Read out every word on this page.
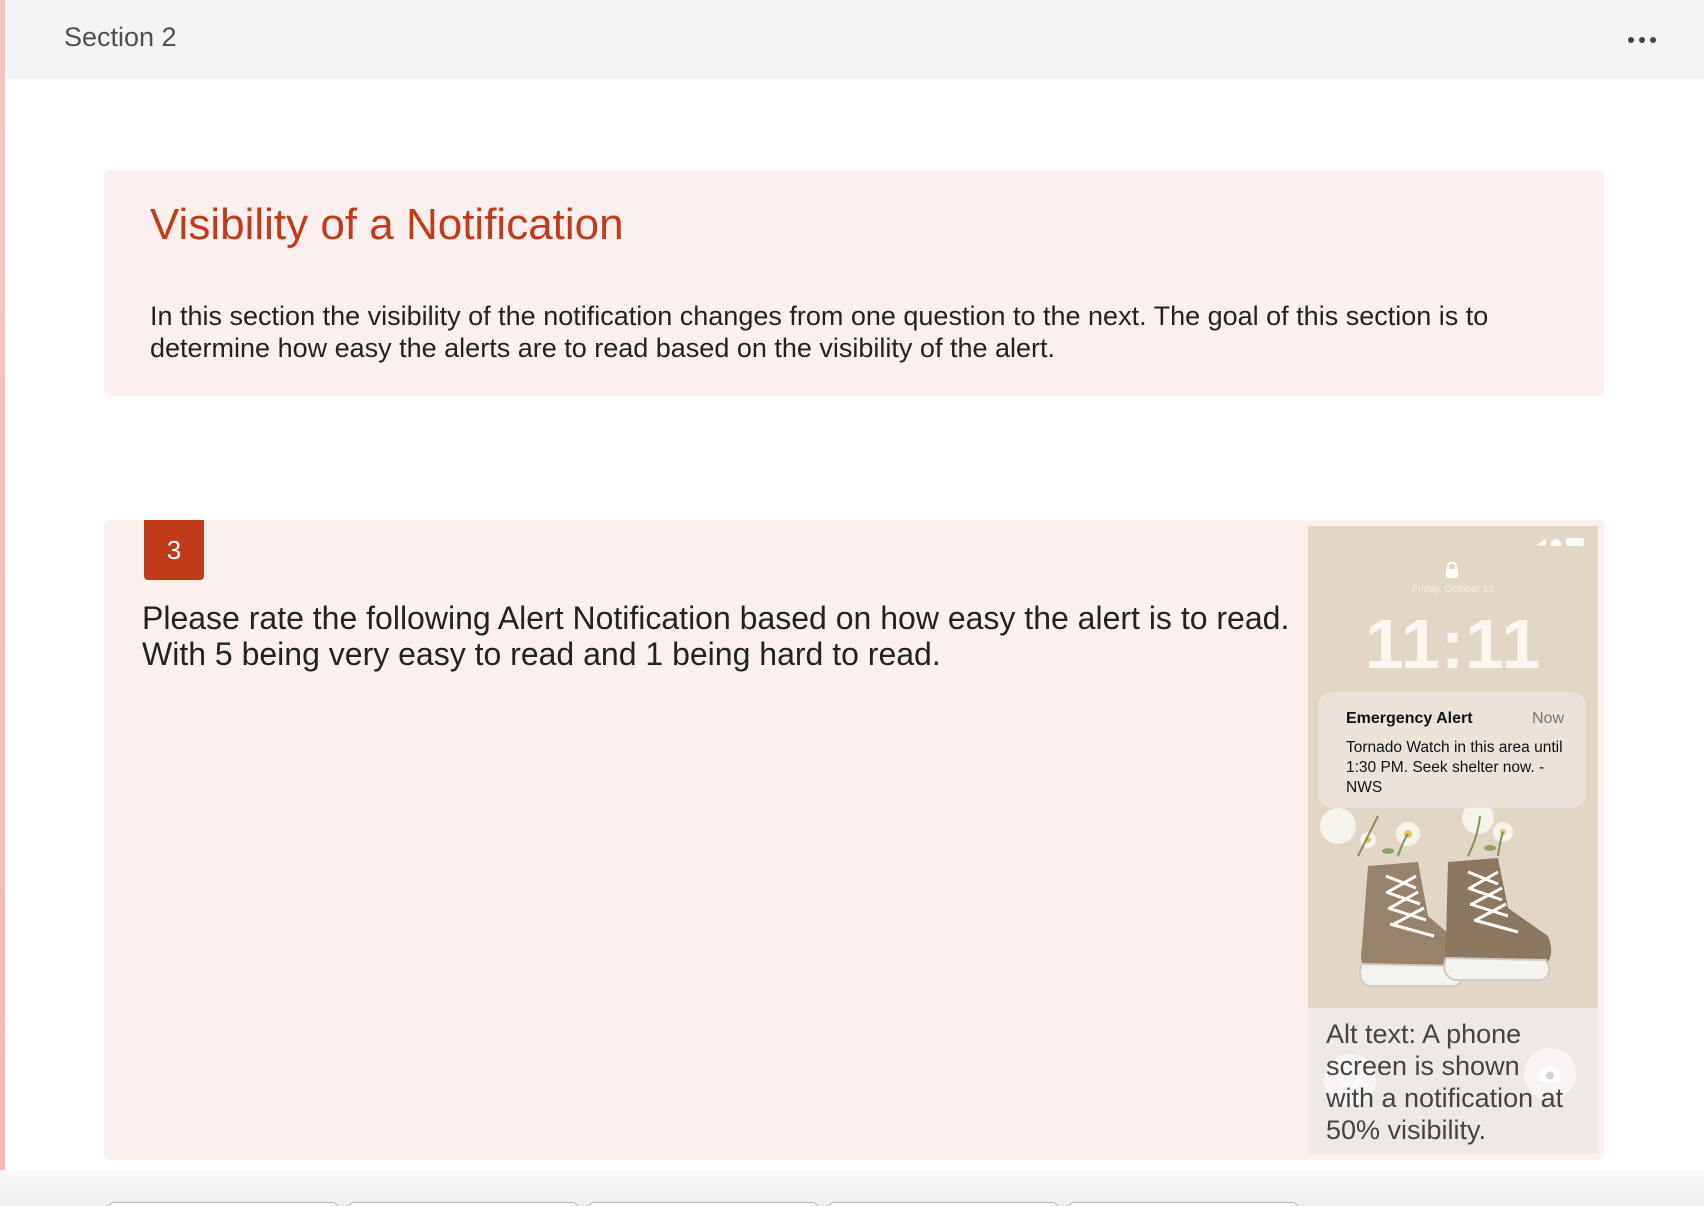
Section 2
Visibility of a Notification
In this section the visibility of the notification changes from one question to the next. The goal of this section is to determine how easy the alerts are to read based on the visibility of the alert.
3
Please rate the following Alert Notification based on how easy the alert is to read. With 5 being very easy to read and 1 being hard to read.
Friday, October 12
11:11
Emergency Alert	Now
Tornado Watch in this area until 1:30 PM. Seek shelter now. - NWS
Alt text: A phone screen is shown with a notification at 50% visibility.
